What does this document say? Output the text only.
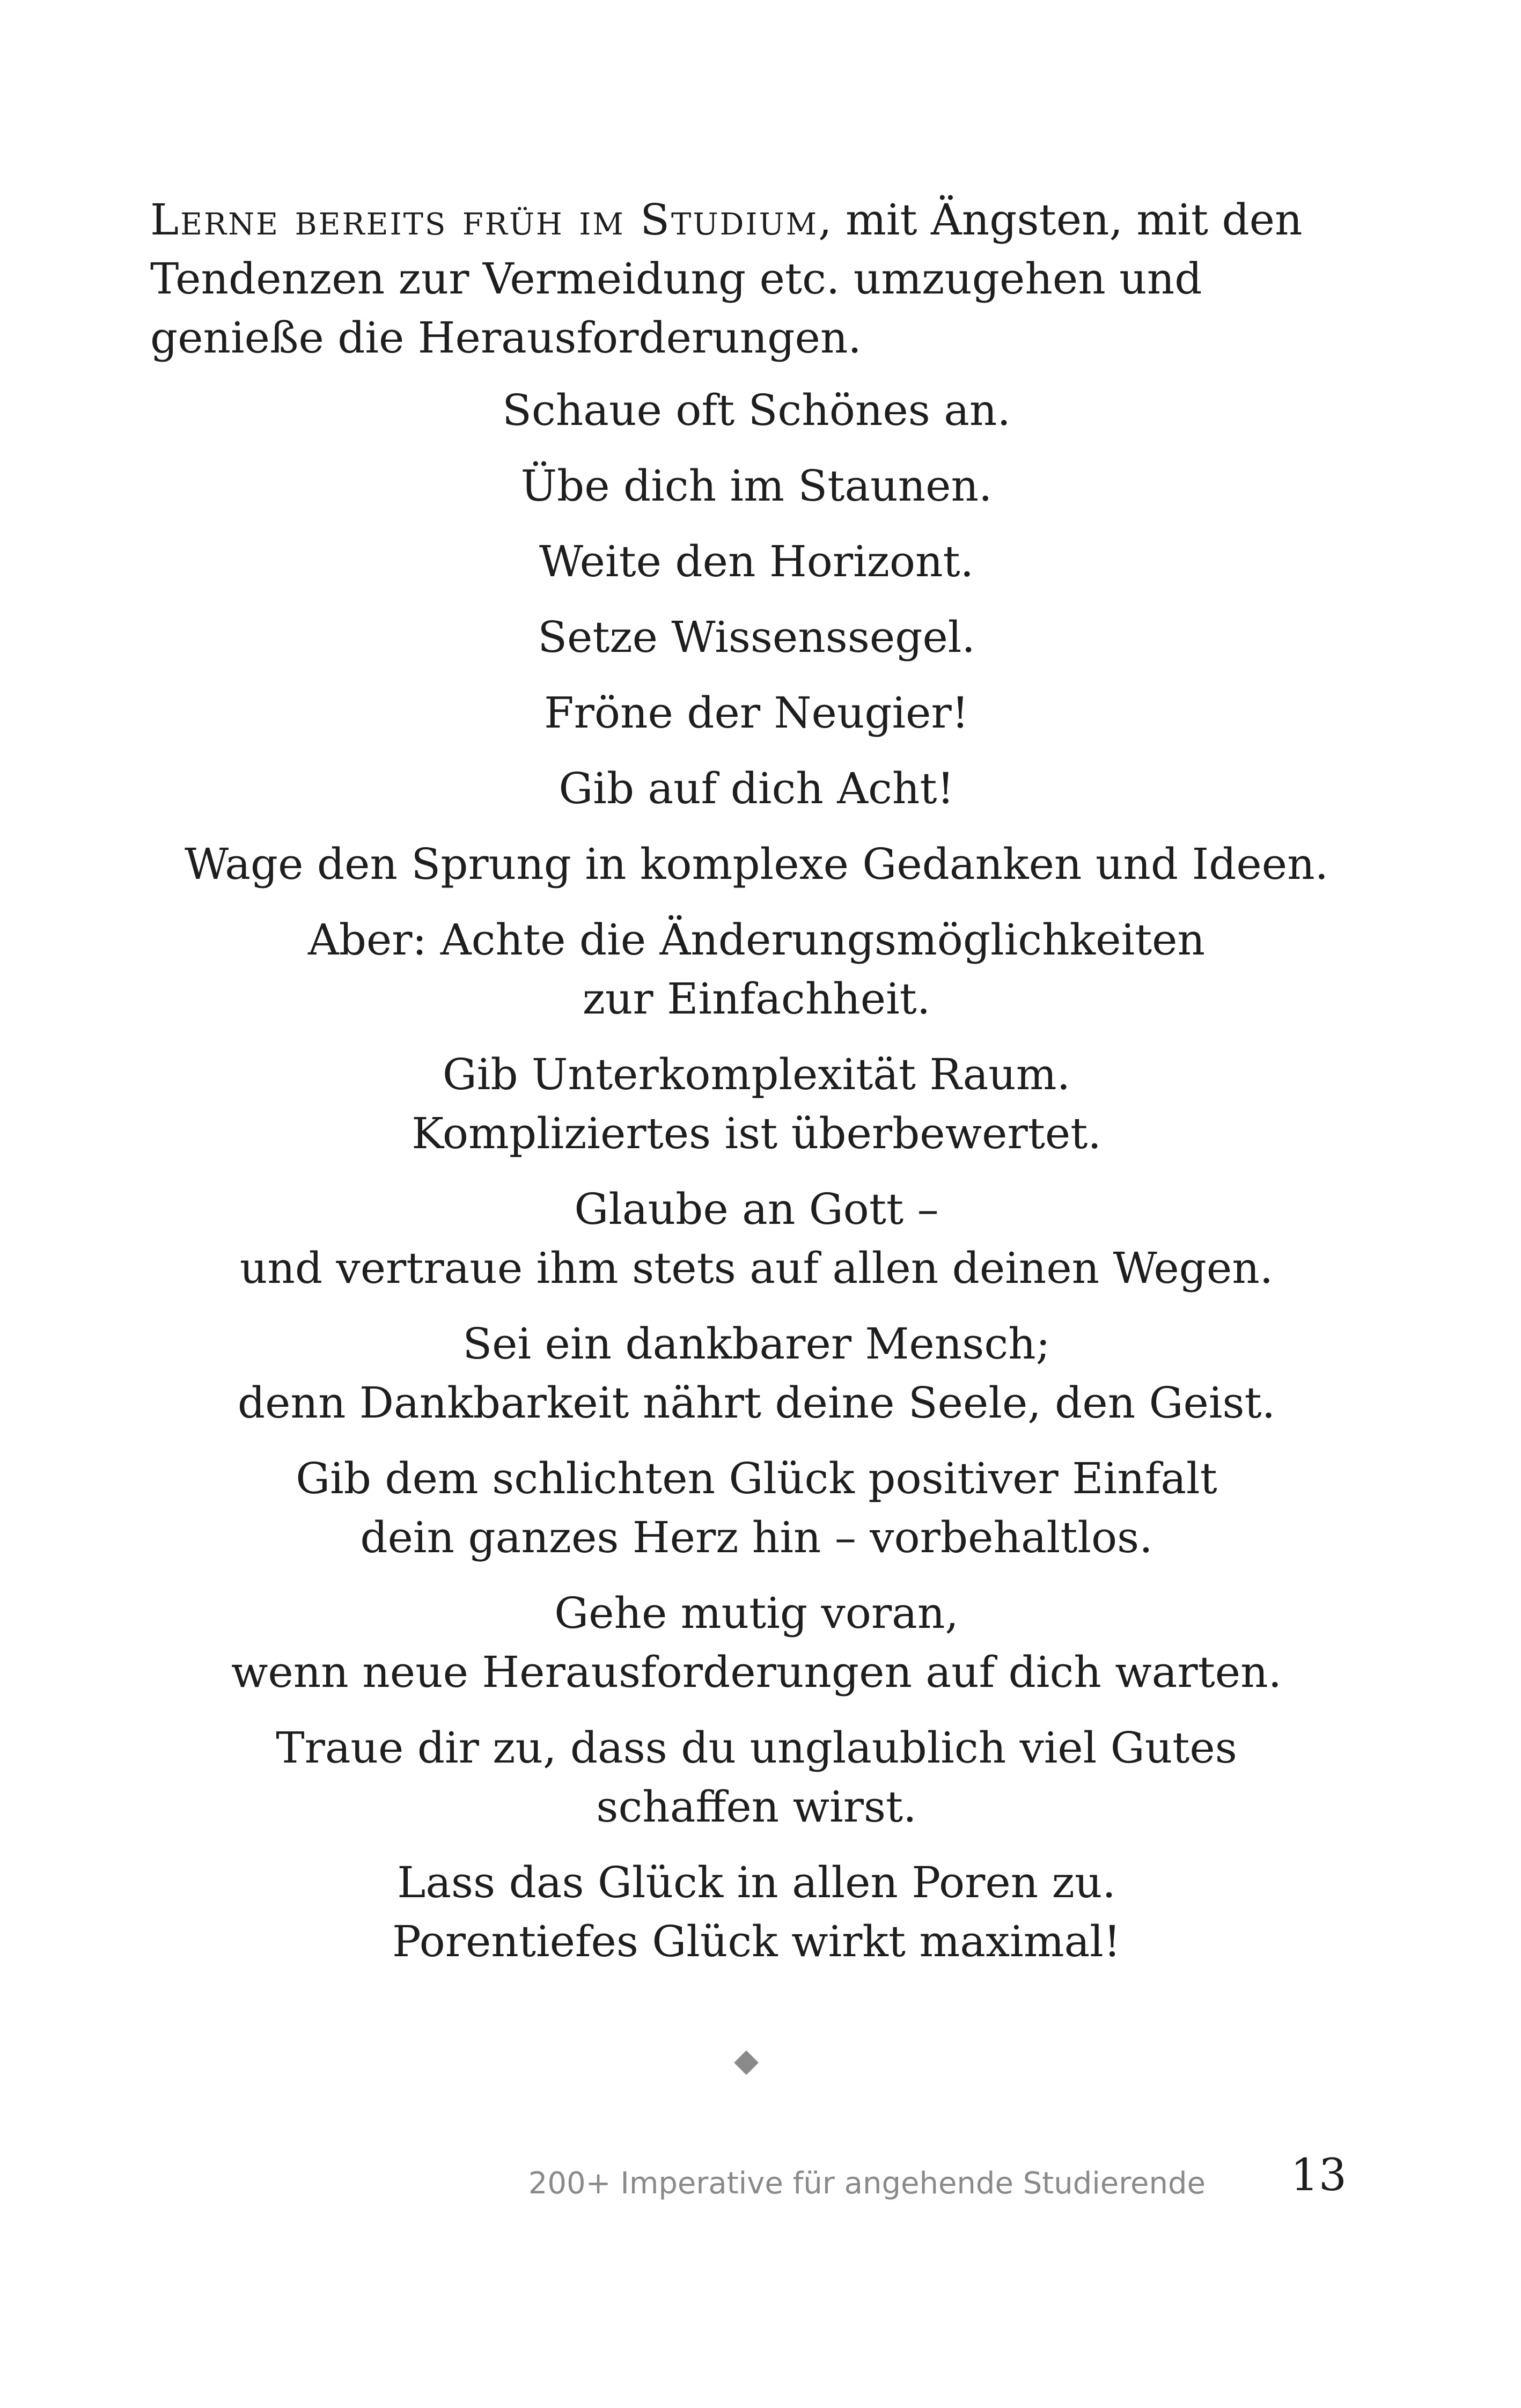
Lerne bereits früh im Studium, mit Ängsten, mit den Tendenzen zur Vermeidung etc. umzugehen und genieße die Herausforderungen.

Schaue oft Schönes an.

Übe dich im Staunen.

Weite den Horizont.

Setze Wissenssegel.

Fröne der Neugier!

Gib auf dich Acht!

Wage den Sprung in komplexe Gedanken und Ideen.

Aber: Achte die Änderungsmöglichkeiten
zur Einfachheit.

Gib Unterkomplexität Raum.
Kompliziertes ist überbewertet.

Glaube an Gott –
und vertraue ihm stets auf allen deinen Wegen.

Sei ein dankbarer Mensch;
denn Dankbarkeit nährt deine Seele, den Geist.

Gib dem schlichten Glück positiver Einfalt
dein ganzes Herz hin – vorbehaltlos.

Gehe mutig voran,
wenn neue Herausforderungen auf dich warten.

Traue dir zu, dass du unglaublich viel Gutes
schaffen wirst.

Lass das Glück in allen Poren zu.
Porentiefes Glück wirkt maximal!

◆
200+ Imperative für angehende Studierende 13
